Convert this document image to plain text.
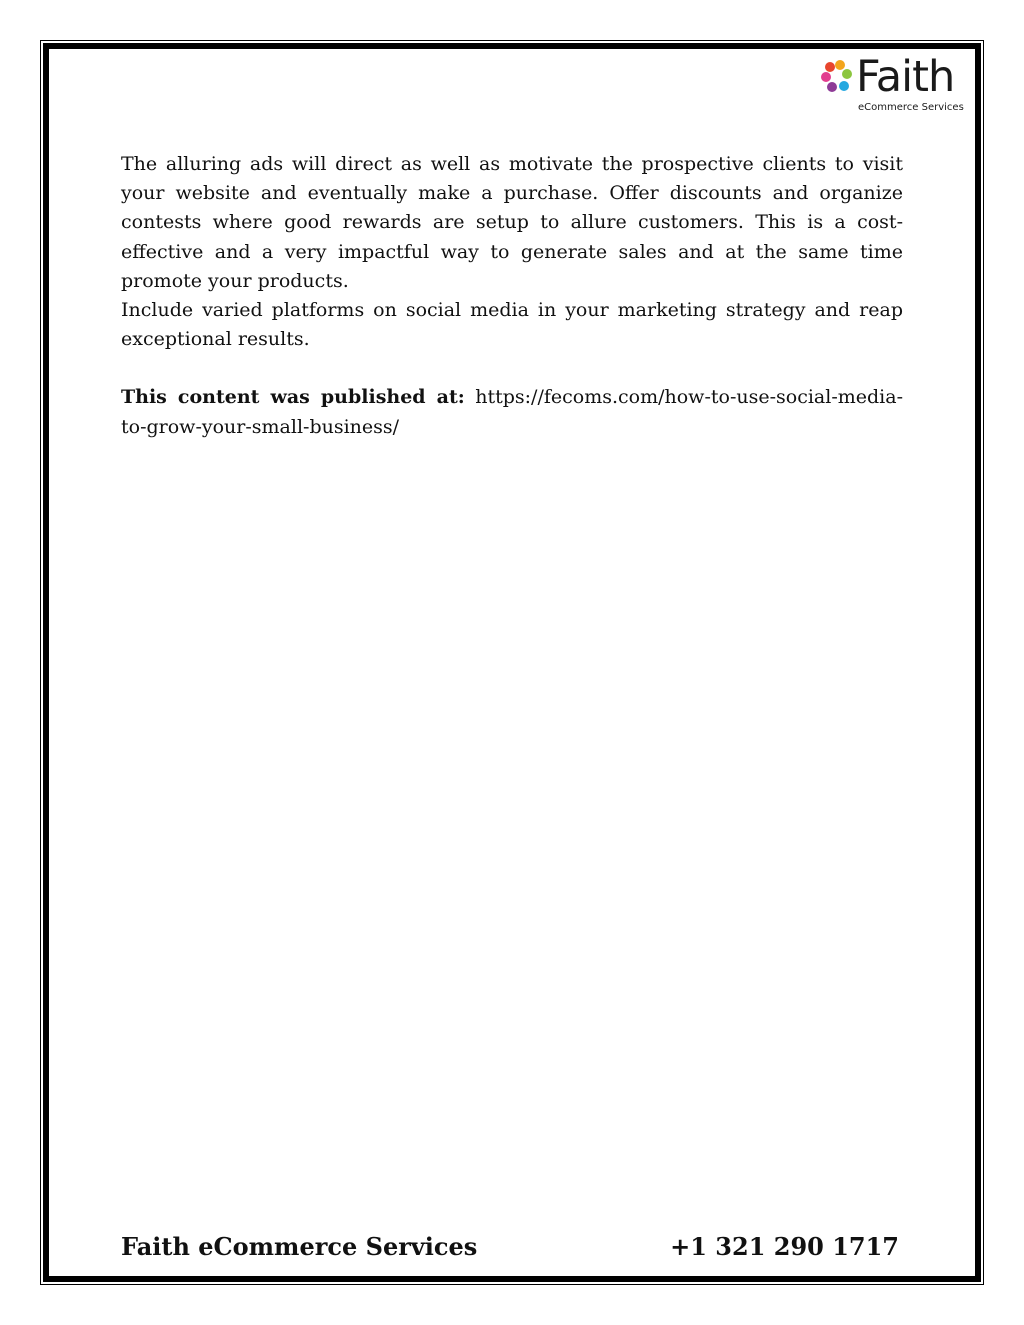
Faith
eCommerce Services

The alluring ads will direct as well as motivate the prospective clients to visit your website and eventually make a purchase. Offer discounts and organize contests where good rewards are setup to allure customers. This is a cost-effective and a very impactful way to generate sales and at the same time promote your products.

Include varied platforms on social media in your marketing strategy and reap exceptional results.

This content was published at: https://fecoms.com/how-to-use-social-media-to-grow-your-small-business/

Faith eCommerce Services	+1 321 290 1717
